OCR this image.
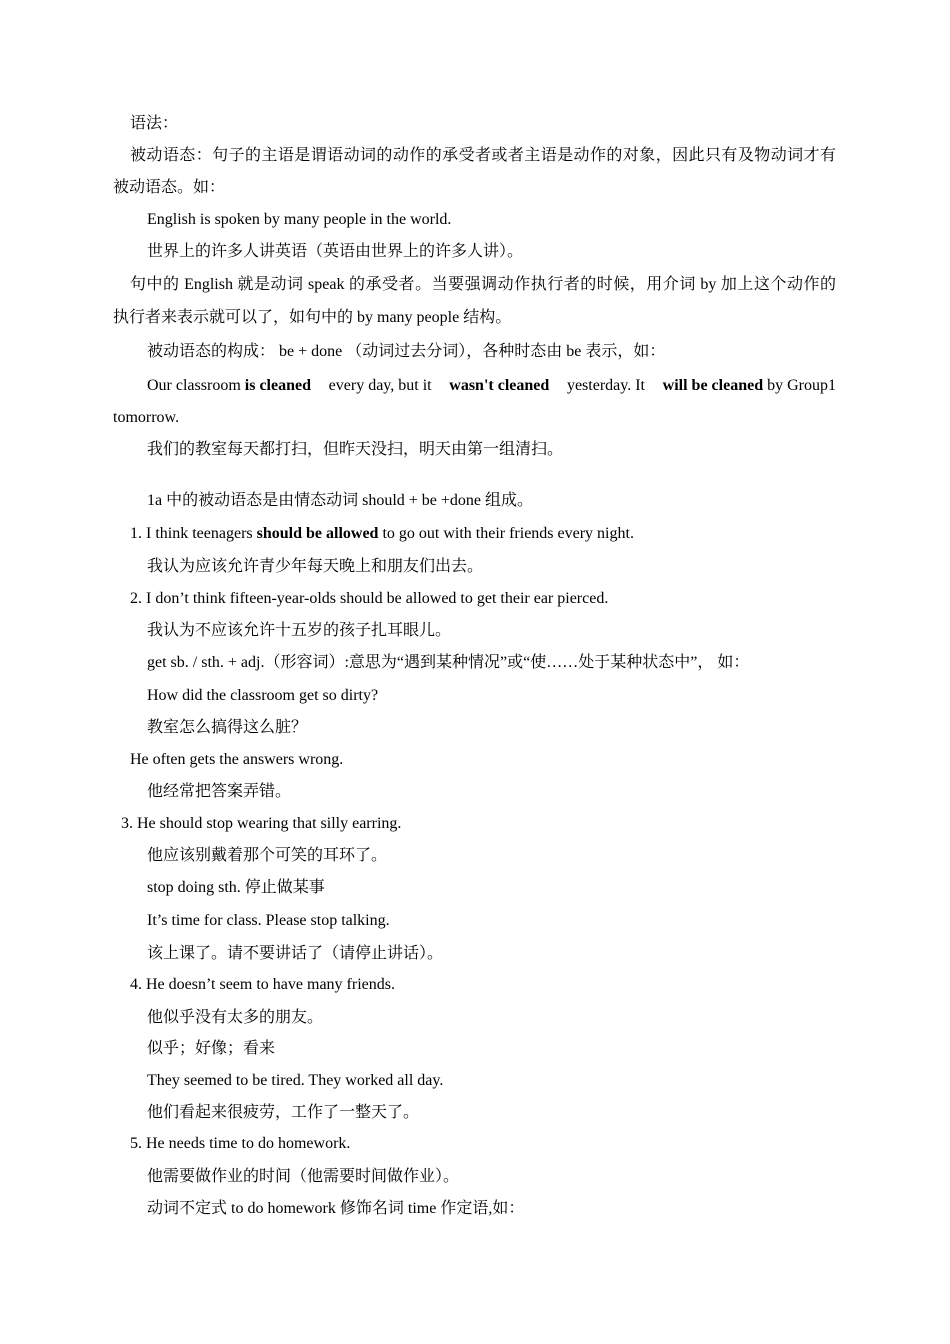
语法：
被动语态：句子的主语是谓语动词的动作的承受者或者主语是动作的对象，因此只有及物动词才有
被动语态。如：
English is spoken by many people in the world.
世界上的许多人讲英语（英语由世界上的许多人讲）。
句中的 English 就是动词 speak 的承受者。当要强调动作执行者的时候，用介词 by 加上这个动作的
执行者来表示就可以了，如句中的 by many people 结构。
被动语态的构成： be + done （动词过去分词），各种时态由 be 表示，如：
Our classroom is cleaned every day, but it wasn't cleaned yesterday. It will be cleaned by Group1
tomorrow.
我们的教室每天都打扫，但昨天没扫，明天由第一组清扫。
1a 中的被动语态是由情态动词 should + be +done 组成。
1. I think teenagers should be allowed to go out with their friends every night.
我认为应该允许青少年每天晚上和朋友们出去。
2. I don’t think fifteen-year-olds should be allowed to get their ear pierced.
我认为不应该允许十五岁的孩子扎耳眼儿。
get sb. / sth. + adj.（形容词）:意思为“遇到某种情况”或“使……处于某种状态中”， 如：
How did the classroom get so dirty?
教室怎么搞得这么脏？
He often gets the answers wrong.
他经常把答案弄错。
3. He should stop wearing that silly earring.
他应该别戴着那个可笑的耳环了。
stop doing sth. 停止做某事
It’s time for class. Please stop talking.
该上课了。请不要讲话了（请停止讲话）。
4. He doesn’t seem to have many friends.
他似乎没有太多的朋友。
似乎；好像；看来
They seemed to be tired. They worked all day.
他们看起来很疲劳，工作了一整天了。
5. He needs time to do homework.
他需要做作业的时间（他需要时间做作业）。
动词不定式 to do homework 修饰名词 time 作定语,如：
